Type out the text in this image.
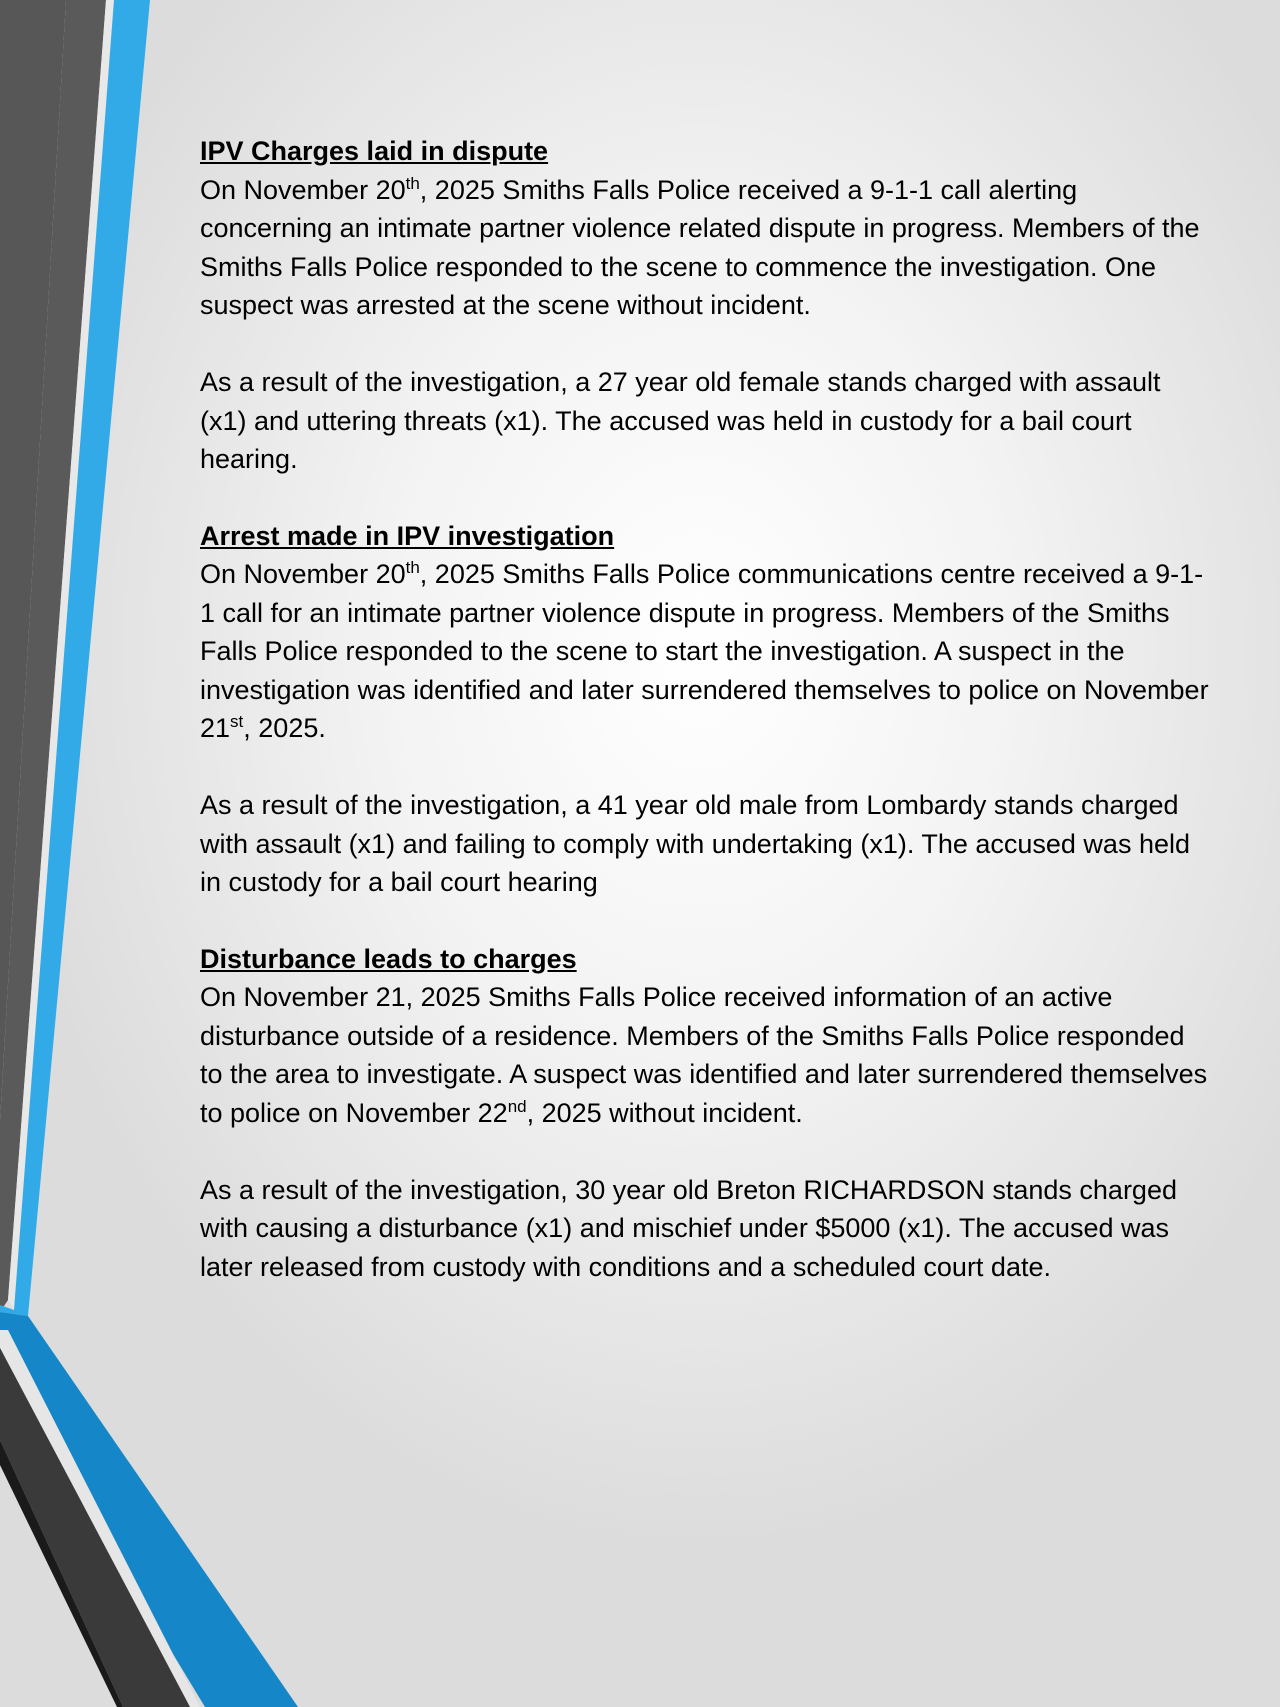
IPV Charges laid in dispute

On November 20th, 2025 Smiths Falls Police received a 9-1-1 call alerting concerning an intimate partner violence related dispute in progress. Members of the Smiths Falls Police responded to the scene to commence the investigation. One suspect was arrested at the scene without incident.

As a result of the investigation, a 27 year old female stands charged with assault (x1) and uttering threats (x1). The accused was held in custody for a bail court hearing.

Arrest made in IPV investigation

On November 20th, 2025 Smiths Falls Police communications centre received a 9-1-1 call for an intimate partner violence dispute in progress. Members of the Smiths Falls Police responded to the scene to start the investigation. A suspect in the investigation was identified and later surrendered themselves to police on November 21st, 2025.

As a result of the investigation, a 41 year old male from Lombardy stands charged with assault (x1) and failing to comply with undertaking (x1). The accused was held in custody for a bail court hearing

Disturbance leads to charges

On November 21, 2025 Smiths Falls Police received information of an active disturbance outside of a residence. Members of the Smiths Falls Police responded to the area to investigate. A suspect was identified and later surrendered themselves to police on November 22nd, 2025 without incident.

As a result of the investigation, 30 year old Breton RICHARDSON stands charged with causing a disturbance (x1) and mischief under $5000 (x1). The accused was later released from custody with conditions and a scheduled court date.
